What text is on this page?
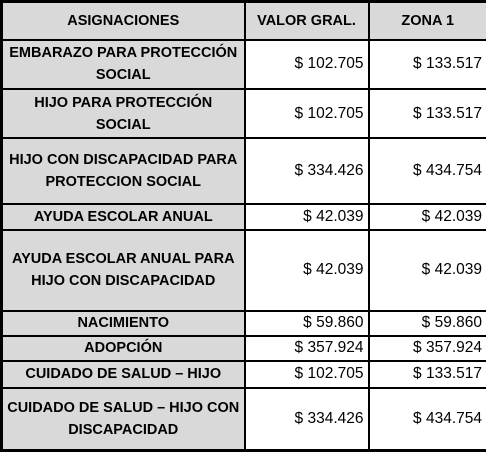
ASIGNACIONES	VALOR GRAL.	ZONA 1
EMBARAZO PARA PROTECCIÓN SOCIAL	$ 102.705	$ 133.517
HIJO PARA PROTECCIÓN SOCIAL	$ 102.705	$ 133.517
HIJO CON DISCAPACIDAD PARA PROTECCION SOCIAL	$ 334.426	$ 434.754
AYUDA ESCOLAR ANUAL	$ 42.039	$ 42.039
AYUDA ESCOLAR ANUAL PARA HIJO CON DISCAPACIDAD	$ 42.039	$ 42.039
NACIMIENTO	$ 59.860	$ 59.860
ADOPCIÓN	$ 357.924	$ 357.924
CUIDADO DE SALUD – HIJO	$ 102.705	$ 133.517
CUIDADO DE SALUD – HIJO CON DISCAPACIDAD	$ 334.426	$ 434.754
